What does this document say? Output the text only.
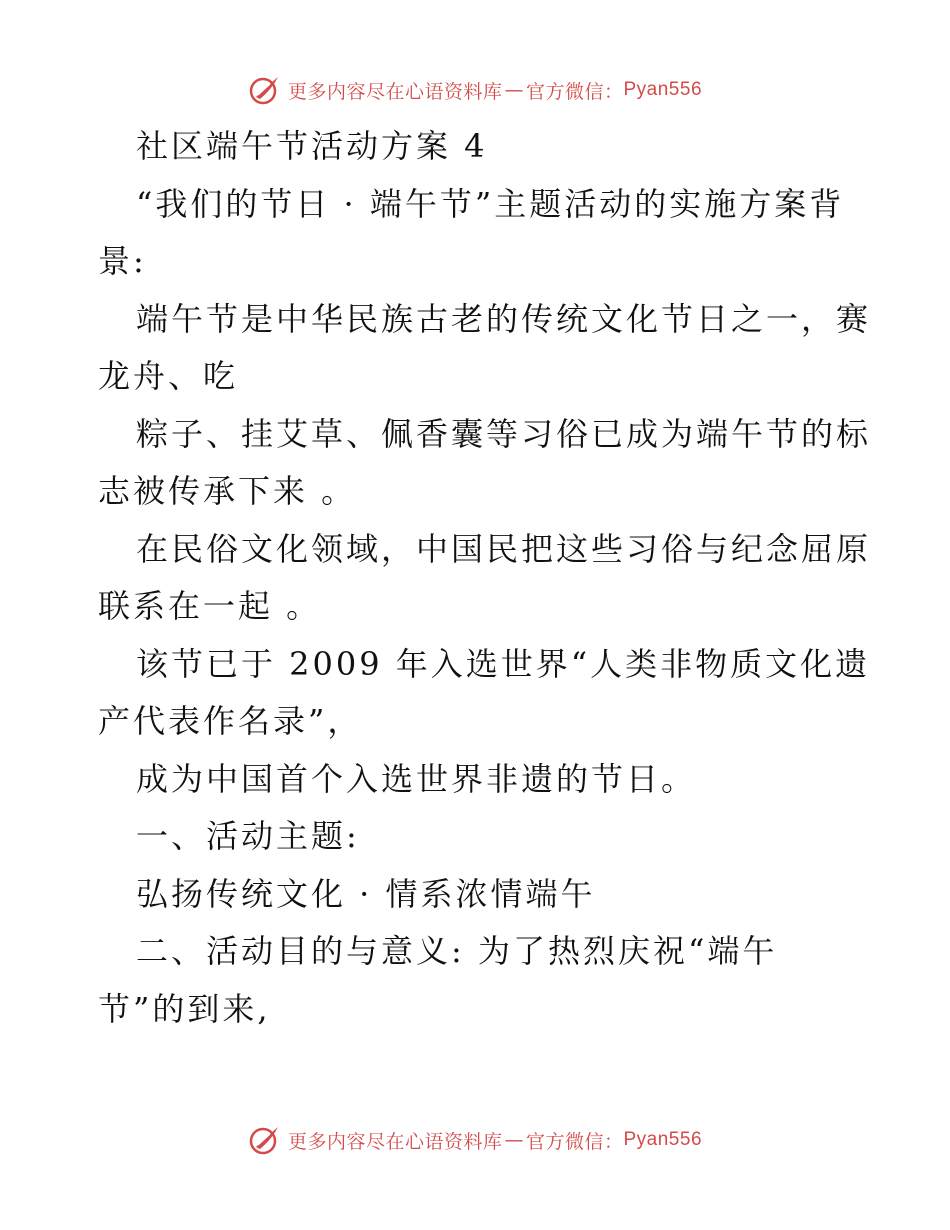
更多内容尽在心语资料库 — 官方微信： Pyan556
社区端午节活动方案 4
“我们的节日 · 端午节”主题活动的实施方案背
景:
端午节是中华民族古老的传统文化节日之一，赛
龙舟、吃
粽子、挂艾草、佩香囊等习俗已成为端午节的标
志被传承下来 。
在民俗文化领域，中国民把这些习俗与纪念屈原
联系在一起 。
该节已于 2009 年入选世界“人类非物质文化遗
产代表作名录”，
成为中国首个入选世界非遗的节日。
一、活动主题:
弘扬传统文化 · 情系浓情端午
二、活动目的与意义: 为了热烈庆祝“端午
节”的到来,
更多内容尽在心语资料库 — 官方微信： Pyan556
